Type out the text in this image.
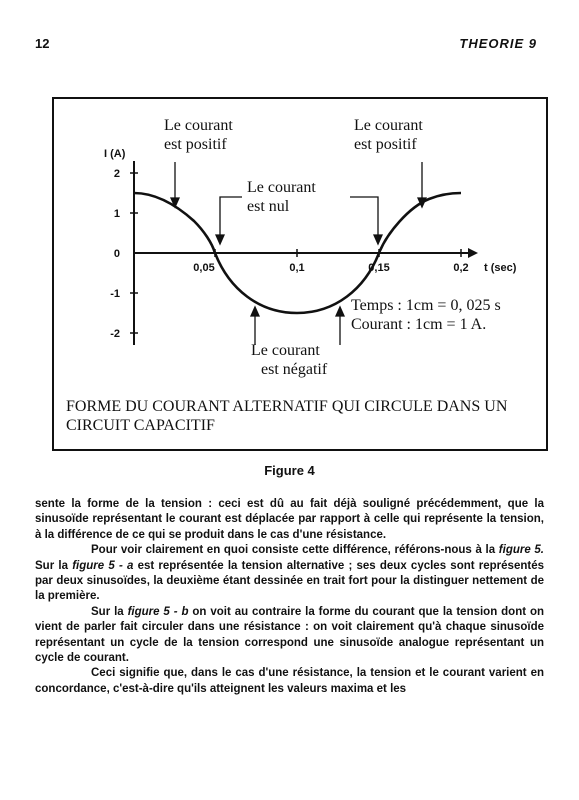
12	THEORIE 9
2
1
0
-1
-2
0,05	0,1	0,15	0,2 t (sec)
I (A)
Le courant
est positif
Le courant
est positif
Le courant
est nul
Le courant
est négatif
Temps : 1cm = 0, 025 s
Courant : 1cm = 1 A.
FORME DU COURANT ALTERNATIF QUI CIRCULE DANS UN CIRCUIT CAPACITIF
Figure 4

sente la forme de la tension : ceci est dû au fait déjà souligné précédemment, que la sinusoïde représentant le courant est déplacée par rapport à celle qui représente la tension, à la différence de ce qui se produit dans le cas d'une résistance.

Pour voir clairement en quoi consiste cette différence, référons-nous à la figure 5. Sur la figure 5 - a est représentée la tension alternative ; ses deux cycles sont représentés par deux sinusoïdes, la deuxième étant dessinée en trait fort pour la distinguer nettement de la première.

Sur la figure 5 - b on voit au contraire la forme du courant que la tension dont on vient de parler fait circuler dans une résistance : on voit clairement qu'à chaque sinusoïde représentant un cycle de la tension correspond une sinusoïde analogue représentant un cycle de courant.

Ceci signifie que, dans le cas d'une résistance, la tension et le courant varient en concordance, c'est-à-dire qu'ils atteignent les valeurs maxima et les
